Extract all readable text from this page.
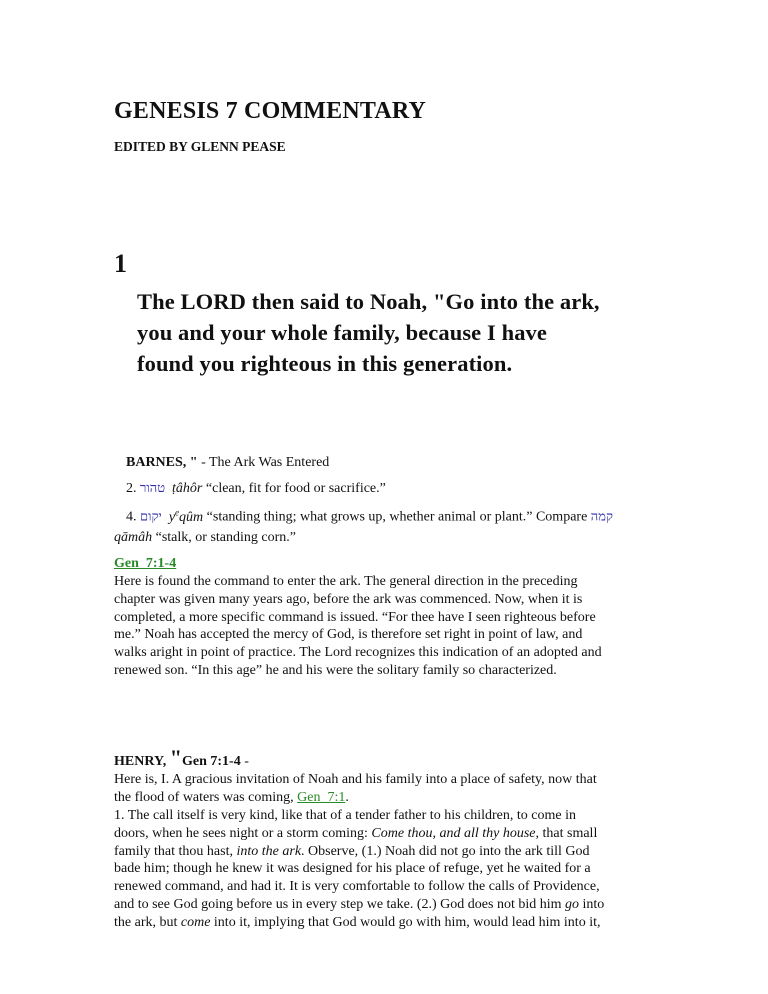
GENESIS 7 COMMENTARY
EDITED BY GLENN PEASE
1
The LORD then said to Noah, "Go into the ark,
you and your whole family, because I have
found you righteous in this generation.
BARNES, " - The Ark Was Entered
2. טהור ṭâhôr “clean, fit for food or sacrifice.”
4. יקום $y^eqûm$ “standing thing; what grows up, whether animal or plant.” Compare קמה
qāmâh “stalk, or standing corn.”
Gen_7:1-4
Here is found the command to enter the ark. The general direction in the preceding
chapter was given many years ago, before the ark was commenced. Now, when it is
completed, a more specific command is issued. “For thee have I seen righteous before
me.” Noah has accepted the mercy of God, is therefore set right in point of law, and
walks aright in point of practice. The Lord recognizes this indication of an adopted and
renewed son. “In this age” he and his were the solitary family so characterized.
HENRY, "Gen 7:1-4 -
Here is, I. A gracious invitation of Noah and his family into a place of safety, now that
the flood of waters was coming, Gen_7:1.
1. The call itself is very kind, like that of a tender father to his children, to come in
doors, when he sees night or a storm coming: Come thou, and all thy house, that small
family that thou hast, into the ark. Observe, (1.) Noah did not go into the ark till God
bade him; though he knew it was designed for his place of refuge, yet he waited for a
renewed command, and had it. It is very comfortable to follow the calls of Providence,
and to see God going before us in every step we take. (2.) God does not bid him go into
the ark, but come into it, implying that God would go with him, would lead him into it,
